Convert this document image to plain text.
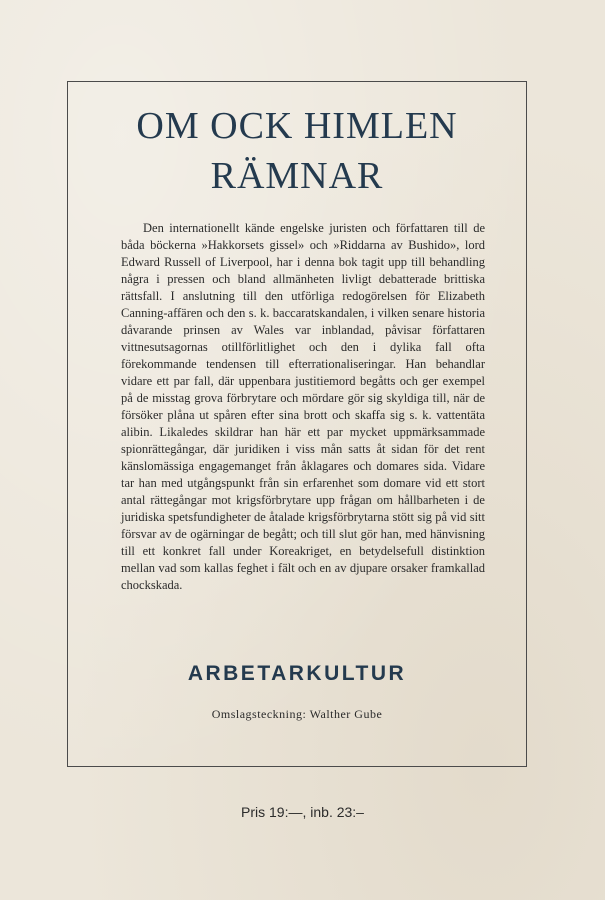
OM OCK HIMLEN
RÄMNAR

Den internationellt kände engelske juristen och författaren till de båda böckerna »Hakkorsets gissel» och »Riddarna av Bushido», lord Edward Russell of Liverpool, har i denna bok tagit upp till behandling några i pressen och bland allmänheten livligt debatterade brittiska rättsfall. I anslutning till den utförliga redogörelsen för Elizabeth Canning-affären och den s. k. baccaratskandalen, i vilken senare historia dåvarande prinsen av Wales var inblandad, påvisar författaren vittnesutsagornas otillförlitlighet och den i dylika fall ofta förekommande tendensen till efterrationaliseringar. Han behandlar vidare ett par fall, där uppenbara justitiemord begåtts och ger exempel på de misstag grova förbrytare och mördare gör sig skyldiga till, när de försöker plåna ut spåren efter sina brott och skaffa sig s. k. vattentäta alibin. Likaledes skildrar han här ett par mycket uppmärksammade spionrättegångar, där juridiken i viss mån satts åt sidan för det rent känslomässiga engagemanget från åklagares och domares sida. Vidare tar han med utgångspunkt från sin erfarenhet som domare vid ett stort antal rättegångar mot krigsförbrytare upp frågan om hållbarheten i de juridiska spetsfundigheter de åtalade krigsförbrytarna stött sig på vid sitt försvar av de ogärningar de begått; och till slut gör han, med hänvisning till ett konkret fall under Koreakriget, en betydelsefull distinktion mellan vad som kallas feghet i fält och en av djupare orsaker framkallad chockskada.

ARBETARKULTUR
Omslagsteckning: Walther Gube
Pris 19:—, inb. 23:–
